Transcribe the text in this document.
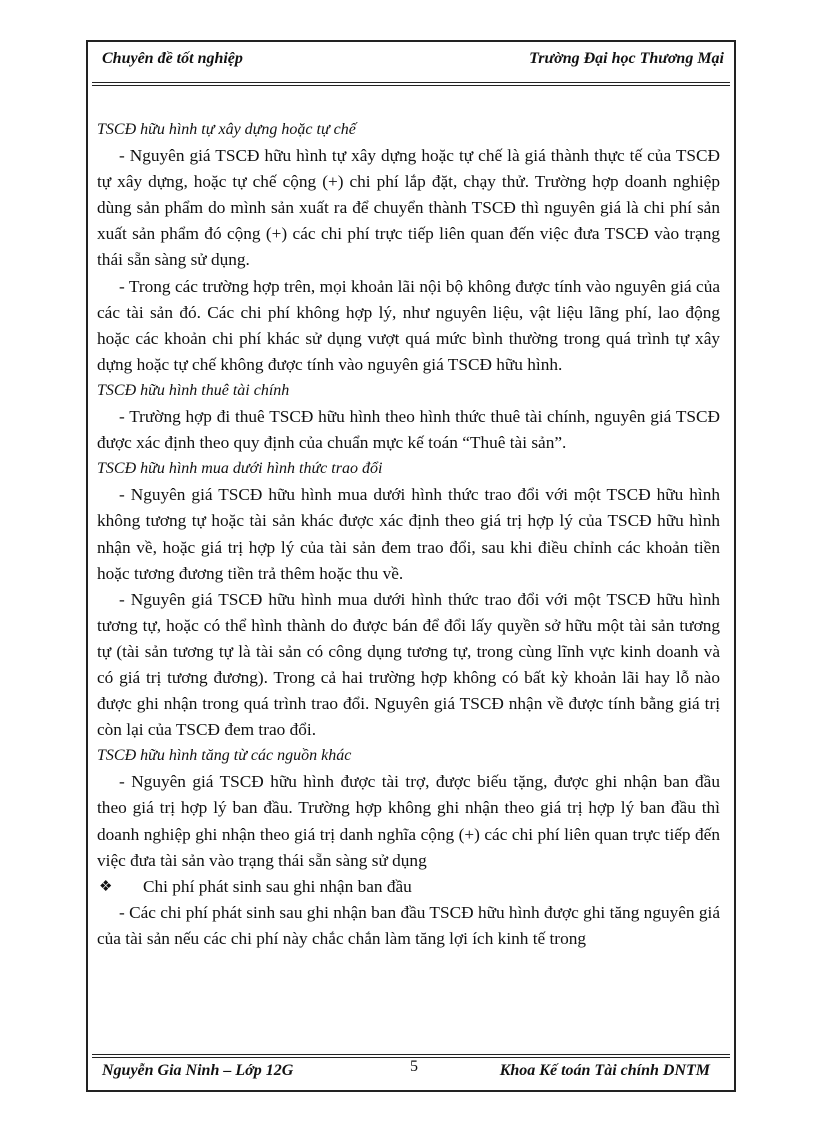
Chuyên đề tốt nghiệp	Trường Đại học Thương Mại

TSCĐ hữu hình tự xây dựng hoặc tự chế

- Nguyên giá TSCĐ hữu hình tự xây dựng hoặc tự chế là giá thành thực tế của TSCĐ tự xây dựng, hoặc tự chế cộng (+) chi phí lắp đặt, chạy thử. Trường hợp doanh nghiệp dùng sản phẩm do mình sản xuất ra để chuyển thành TSCĐ thì nguyên giá là chi phí sản xuất sản phẩm đó cộng (+) các chi phí trực tiếp liên quan đến việc đưa TSCĐ vào trạng thái sẵn sàng sử dụng.

- Trong các trường hợp trên, mọi khoản lãi nội bộ không được tính vào nguyên giá của các tài sản đó. Các chi phí không hợp lý, như nguyên liệu, vật liệu lãng phí, lao động hoặc các khoản chi phí khác sử dụng vượt quá mức bình thường trong quá trình tự xây dựng hoặc tự chế không được tính vào nguyên giá TSCĐ hữu hình.

TSCĐ hữu hình thuê tài chính

- Trường hợp đi thuê TSCĐ hữu hình theo hình thức thuê tài chính, nguyên giá TSCĐ được xác định theo quy định của chuẩn mực kế toán “Thuê tài sản”.

TSCĐ hữu hình mua dưới hình thức trao đổi

- Nguyên giá TSCĐ hữu hình mua dưới hình thức trao đổi với một TSCĐ hữu hình không tương tự hoặc tài sản khác được xác định theo giá trị hợp lý của TSCĐ hữu hình nhận về, hoặc giá trị hợp lý của tài sản đem trao đổi, sau khi điều chỉnh các khoản tiền hoặc tương đương tiền trả thêm hoặc thu về.

- Nguyên giá TSCĐ hữu hình mua dưới hình thức trao đổi với một TSCĐ hữu hình tương tự, hoặc có thể hình thành do được bán để đổi lấy quyền sở hữu một tài sản tương tự (tài sản tương tự là tài sản có công dụng tương tự, trong cùng lĩnh vực kinh doanh và có giá trị tương đương). Trong cả hai trường hợp không có bất kỳ khoản lãi hay lỗ nào được ghi nhận trong quá trình trao đổi. Nguyên giá TSCĐ nhận về được tính bằng giá trị còn lại của TSCĐ đem trao đổi.

TSCĐ hữu hình tăng từ các nguồn khác

- Nguyên giá TSCĐ hữu hình được tài trợ, được biếu tặng, được ghi nhận ban đầu theo giá trị hợp lý ban đầu. Trường hợp không ghi nhận theo giá trị hợp lý ban đầu thì doanh nghiệp ghi nhận theo giá trị danh nghĩa cộng (+) các chi phí liên quan trực tiếp đến việc đưa tài sản vào trạng thái sẵn sàng sử dụng

❖ Chi phí phát sinh sau ghi nhận ban đầu

- Các chi phí phát sinh sau ghi nhận ban đầu TSCĐ hữu hình được ghi tăng nguyên giá của tài sản nếu các chi phí này chắc chắn làm tăng lợi ích kinh tế trong

Nguyễn Gia Ninh – Lớp 12G	5	Khoa Kế toán Tài chính DNTM
